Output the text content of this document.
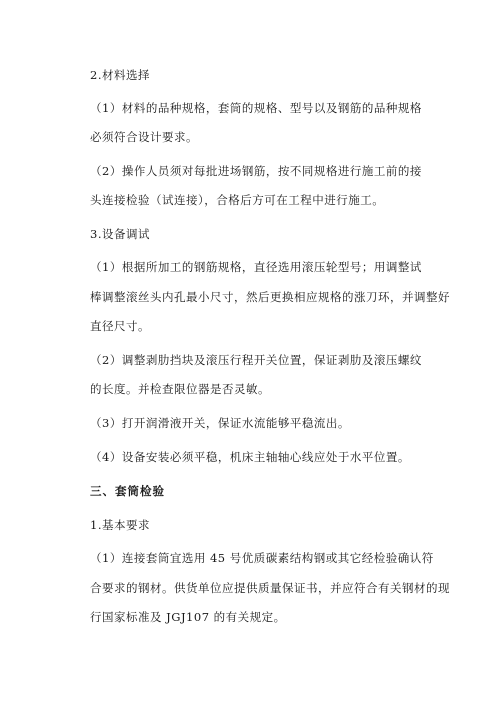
2.材料选择
（1）材料的品种规格，套筒的规格、型号以及钢筋的品种规格
必须符合设计要求。
（2）操作人员须对每批进场钢筋，按不同规格进行施工前的接
头连接检验（试连接），合格后方可在工程中进行施工。
3.设备调试
（1）根据所加工的钢筋规格，直径选用滚压轮型号；用调整试
棒调整滚丝头内孔最小尺寸，然后更换相应规格的涨刀环，并调整好
直径尺寸。
（2）调整剥肋挡块及滚压行程开关位置，保证剥肋及滚压螺纹
的长度。并检查限位器是否灵敏。
（3）打开润滑液开关，保证水流能够平稳流出。
（4）设备安装必须平稳，机床主轴轴心线应处于水平位置。
三、套筒检验
1.基本要求
（1）连接套筒宜选用 45 号优质碳素结构钢或其它经检验确认符
合要求的钢材。供货单位应提供质量保证书，并应符合有关钢材的现
行国家标准及 JGJ107 的有关规定。
